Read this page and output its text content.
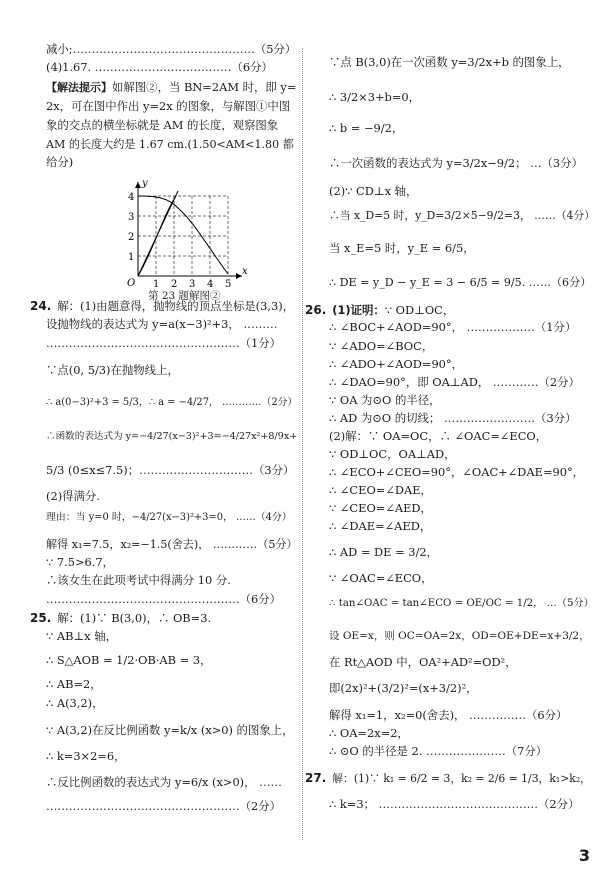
减小;…………………………………………（5分）
(4)1.67. ………………………………（6分）
【解法提示】如解图②，当 BN=2AM 时，即 y=
2x，可在图中作出 y=2x 的图象，与解图①中图
象的交点的横坐标就是 AM 的长度，观察图象
AM 的长度大约是 1.67 cm.(1.50<AM<1.80 都
给分)
24. 解：(1)由题意得，抛物线的顶点坐标是(3,3)，
设抛物线的表达式为 y=a(x−3)²+3， ………
……………………………………………（1分）
∵点(0, 5/3)在抛物线上，
∴ a(0−3)²+3 = 5/3，∴ a = −4/27， …………（2分）
∴函数的表达式为 y=−4/27(x−3)²+3=−4/27x²+8/9x+
5/3 (0≤x≤7.5)；…………………………（3分）
(2)得满分.
理由：当 y=0 时，−4/27(x−3)²+3=0， ……（4分）
解得 x₁=7.5，x₂=−1.5(舍去)， …………（5分）
∵ 7.5>6.7，
∴该女生在此项考试中得满分 10 分.
……………………………………………（6分）
25. 解：(1)∵ B(3,0)，∴ OB=3.
∵ AB⊥x 轴，
∴ S△AOB = 1/2·OB·AB = 3，
∴ AB=2，
∴ A(3,2)，
∵ A(3,2)在反比例函数 y=k/x (x>0) 的图象上，
∴ k=3×2=6，
∴反比例函数的表达式为 y=6/x (x>0)， ……
……………………………………………（2分）
∵点 B(3,0)在一次函数 y=3/2x+b 的图象上，
∴ 3/2×3+b=0，
∴ b = −9/2，
∴一次函数的表达式为 y=3/2x−9/2； …（3分）
(2)∵ CD⊥x 轴，
∴当 x_D=5 时，y_D=3/2×5−9/2=3， ……（4分）
当 x_E=5 时，y_E = 6/5，
∴ DE = y_D − y_E = 3 − 6/5 = 9/5. ……（6分）
26. (1)证明：∵ OD⊥OC，
∴ ∠BOC+∠AOD=90°， ………………（1分）
∵ ∠ADO=∠BOC，
∴ ∠ADO+∠AOD=90°，
∴ ∠DAO=90°，即 OA⊥AD， …………（2分）
∵ OA 为⊙O 的半径，
∴ AD 为⊙O 的切线； ……………………（3分）
(2)解：∵ OA=OC，∴ ∠OAC=∠ECO，
∵ OD⊥OC，OA⊥AD，
∴ ∠ECO+∠CEO=90°，∠OAC+∠DAE=90°，
∴ ∠CEO=∠DAE，
∵ ∠CEO=∠AED，
∴ ∠DAE=∠AED，
∴ AD = DE = 3/2，
∵ ∠OAC=∠ECO，
∴ tan∠OAC = tan∠ECO = OE/OC = 1/2， …（5分）
设 OE=x，则 OC=OA=2x，OD=OE+DE=x+3/2，
在 Rt△AOD 中，OA²+AD²=OD²，
即(2x)²+(3/2)²=(x+3/2)²，
解得 x₁=1，x₂=0(舍去)， ……………（6分）
∴ OA=2x=2，
∴ ⊙O 的半径是 2. …………………（7分）
27. 解：(1)∵ k₁ = 6/2 = 3，k₂ = 2/6 = 1/3，k₁>k₂，
∴ k=3； ……………………………………（2分）
1 2 3 4 5
1
2
3
4
O
x
y
第 23 题解图②
3
